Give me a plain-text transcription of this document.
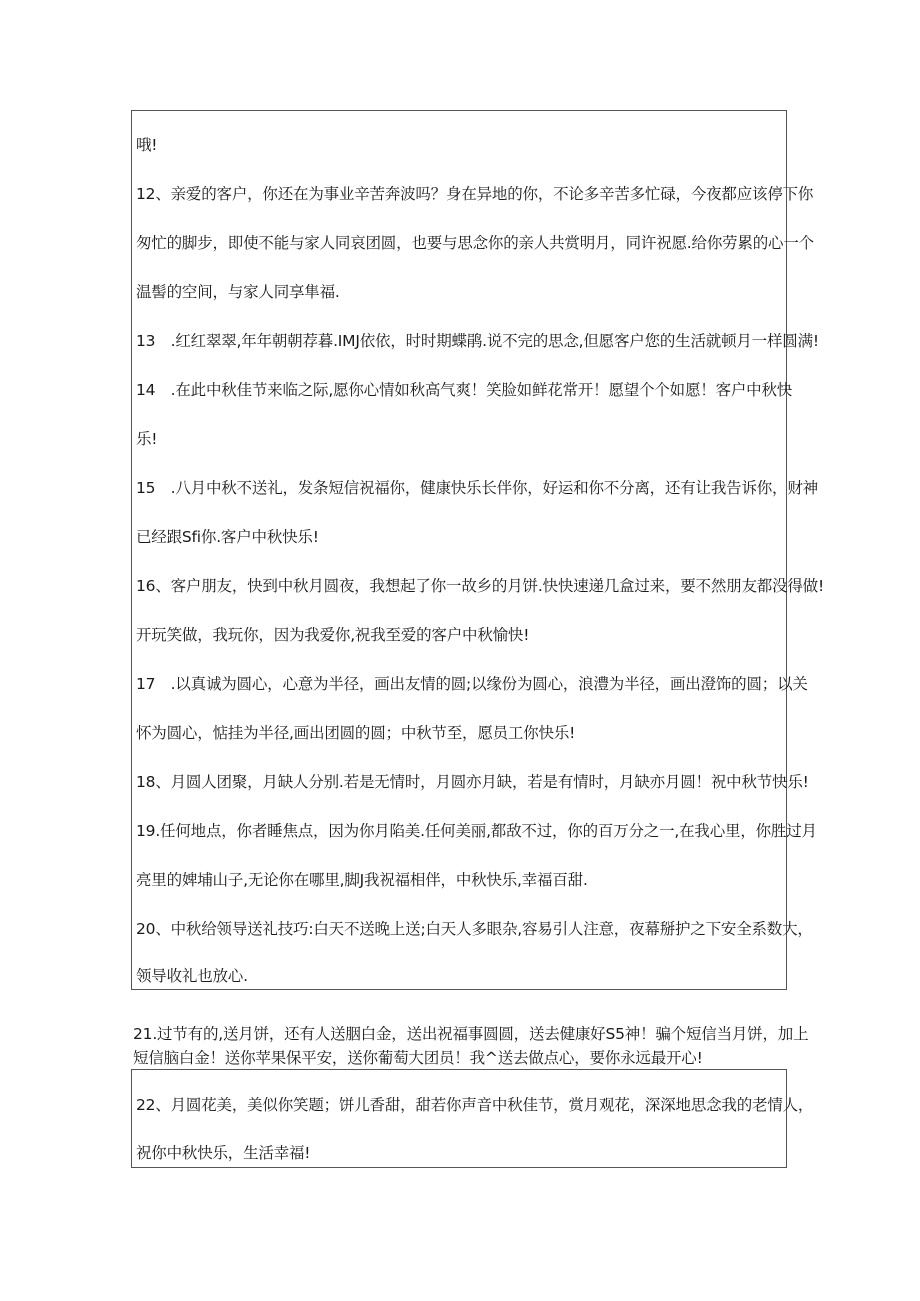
哦!
12、亲爱的客户，你还在为事业辛苦奔波吗？身在异地的你，不论多辛苦多忙碌，今夜都应该停下你
匆忙的脚步，即使不能与家人同哀团圆，也要与思念你的亲人共赏明月，同许祝愿.给你劳累的心一个
温髻的空间，与家人同享隼福.
13　.红红翠翠,年年朝朝荐暮.IMJ依依，时时期蝶鹃.说不完的思念,但愿客户您的生活就顿月一样圆满!
14　.在此中秋佳节来临之际,愿你心情如秋高气爽！笑脸如鲜花常开！愿望个个如愿！客户中秋快
乐!
15　.八月中秋不送礼，发条短信祝福你，健康快乐长伴你，好运和你不分离，还有让我告诉你，财神
已经跟Sfi你.客户中秋快乐!
16、客户朋友，快到中秋月圆夜，我想起了你一故乡的月饼.快快速递几盒过来，要不然朋友都没得做!
开玩笑做，我玩你，因为我爱你,祝我至爱的客户中秋愉快!
17　.以真诚为圆心，心意为半径，画出友情的圆;以缘份为圆心，浪澧为半径，画出澄饰的圆；以关
怀为圆心，惦挂为半径,画出团圆的圆；中秋节至，愿员工你快乐!
18、月圆人团聚，月缺人分别.若是无情时，月圆亦月缺，若是有情时，月缺亦月圆！祝中秋节快乐!
19.任何地点，你者睡焦点，因为你月陷美.任何美丽,都敌不过，你的百万分之一,在我心里，你胜过月
亮里的婢埔山子,无论你在哪里,脚J我祝福相伴，中秋快乐,幸福百甜.
20、中秋给领导送礼技巧:白天不送晚上送;白天人多眼杂,容易引人注意，夜幕掰护之下安全系数大，
领导收礼也放心.
21.过节有的,送月饼，还有人送胭白金，送出祝福事圆圆，送去健康好S5神！骗个短信当月饼，加上
短信脑白金！送你苹果保平安，送你葡萄大团员！我^送去做点心，要你永远最开心!
22、月圆花美，美似你笑题；饼儿香甜，甜若你声音中秋佳节，赏月观花，深深地思念我的老情人，
祝你中秋快乐，生活幸福!
